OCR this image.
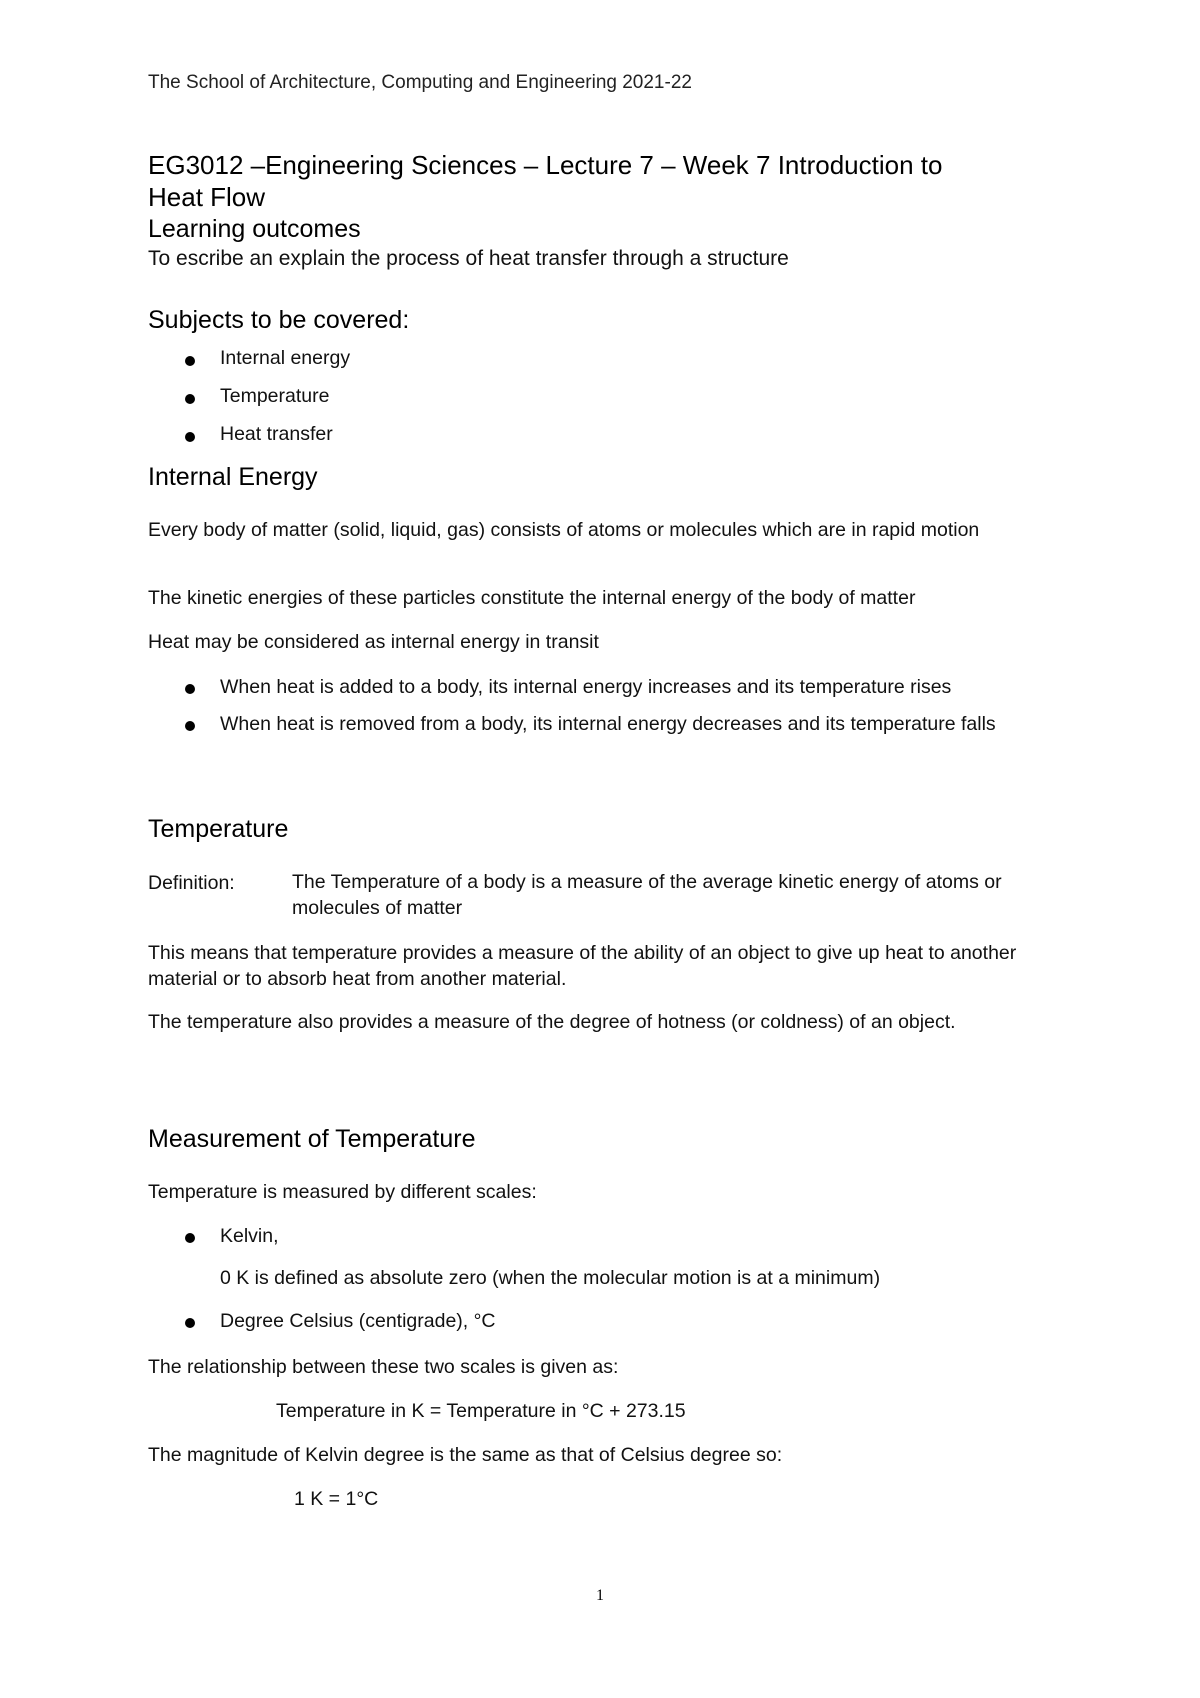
The School of Architecture, Computing and Engineering 2021-22
EG3012 –Engineering Sciences – Lecture 7 – Week 7 Introduction to
Heat Flow
Learning outcomes
To escribe an explain the process of heat transfer through a structure
Subjects to be covered:
Internal energy
Temperature
Heat transfer
Internal Energy
Every body of matter (solid, liquid, gas) consists of atoms or molecules which are in rapid motion
The kinetic energies of these particles constitute the internal energy of the body of matter
Heat may be considered as internal energy in transit
When heat is added to a body, its internal energy increases and its temperature rises
When heat is removed from a body, its internal energy decreases and its temperature falls
Temperature
Definition:	The Temperature of a body is a measure of the average kinetic energy of atoms or molecules of matter
This means that temperature provides a measure of the ability of an object to give up heat to another material or to absorb heat from another material.
The temperature also provides a measure of the degree of hotness (or coldness) of an object.
Measurement of Temperature
Temperature is measured by different scales:
Kelvin,
0 K is defined as absolute zero (when the molecular motion is at a minimum)
Degree Celsius (centigrade), °C
The relationship between these two scales is given as:
Temperature in K = Temperature in °C + 273.15
The magnitude of Kelvin degree is the same as that of Celsius degree so:
1 K = 1°C
1
